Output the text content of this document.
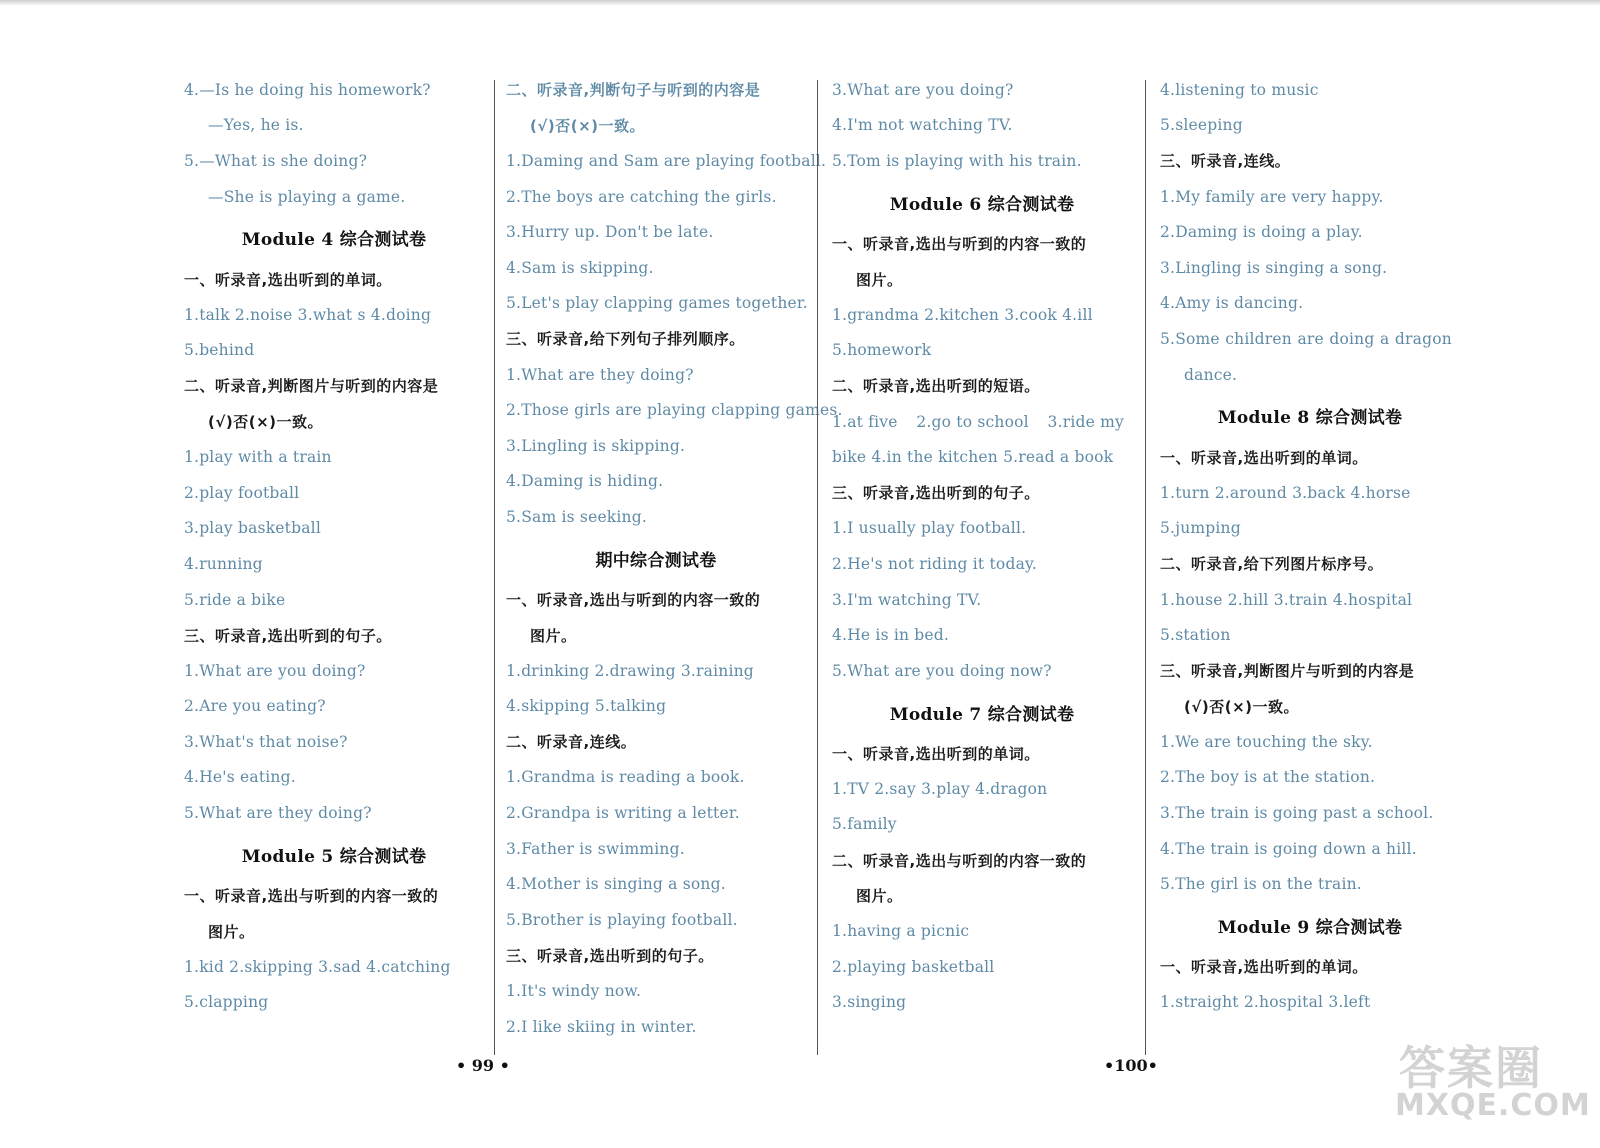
4.—Is he doing his homework?
—Yes, he is.
5.—What is she doing?
—She is playing a game.
Module 4 综合测试卷
一、听录音,选出听到的单词。
1.talk 2.noise 3.what s 4.doing
5.behind
二、听录音,判断图片与听到的内容是
(√)否(×)一致。
1.play with a train
2.play football
3.play basketball
4.running
5.ride a bike
三、听录音,选出听到的句子。
1.What are you doing?
2.Are you eating?
3.What's that noise?
4.He's eating.
5.What are they doing?
Module 5 综合测试卷
一、听录音,选出与听到的内容一致的
图片。
1.kid 2.skipping 3.sad 4.catching
5.clapping
二、听录音,判断句子与听到的内容是
(√)否(×)一致。
1.Daming and Sam are playing football.
2.The boys are catching the girls.
3.Hurry up. Don't be late.
4.Sam is skipping.
5.Let's play clapping games together.
三、听录音,给下列句子排列顺序。
1.What are they doing?
2.Those girls are playing clapping games.
3.Lingling is skipping.
4.Daming is hiding.
5.Sam is seeking.
期中综合测试卷
一、听录音,选出与听到的内容一致的
图片。
1.drinking 2.drawing 3.raining
4.skipping 5.talking
二、听录音,连线。
1.Grandma is reading a book.
2.Grandpa is writing a letter.
3.Father is swimming.
4.Mother is singing a song.
5.Brother is playing football.
三、听录音,选出听到的句子。
1.It's windy now.
2.I like skiing in winter.
3.What are you doing?
4.I'm not watching TV.
5.Tom is playing with his train.
Module 6 综合测试卷
一、听录音,选出与听到的内容一致的
图片。
1.grandma 2.kitchen 3.cook 4.ill
5.homework
二、听录音,选出听到的短语。
1.at five 2.go to school 3.ride my
bike 4.in the kitchen 5.read a book
三、听录音,选出听到的句子。
1.I usually play football.
2.He's not riding it today.
3.I'm watching TV.
4.He is in bed.
5.What are you doing now?
Module 7 综合测试卷
一、听录音,选出听到的单词。
1.TV 2.say 3.play 4.dragon
5.family
二、听录音,选出与听到的内容一致的
图片。
1.having a picnic
2.playing basketball
3.singing
4.listening to music
5.sleeping
三、听录音,连线。
1.My family are very happy.
2.Daming is doing a play.
3.Lingling is singing a song.
4.Amy is dancing.
5.Some children are doing a dragon
dance.
Module 8 综合测试卷
一、听录音,选出听到的单词。
1.turn 2.around 3.back 4.horse
5.jumping
二、听录音,给下列图片标序号。
1.house 2.hill 3.train 4.hospital
5.station
三、听录音,判断图片与听到的内容是
(√)否(×)一致。
1.We are touching the sky.
2.The boy is at the station.
3.The train is going past a school.
4.The train is going down a hill.
5.The girl is on the train.
Module 9 综合测试卷
一、听录音,选出听到的单词。
1.straight 2.hospital 3.left
• 99 •	•100•	答案圈
MXQE.COM
